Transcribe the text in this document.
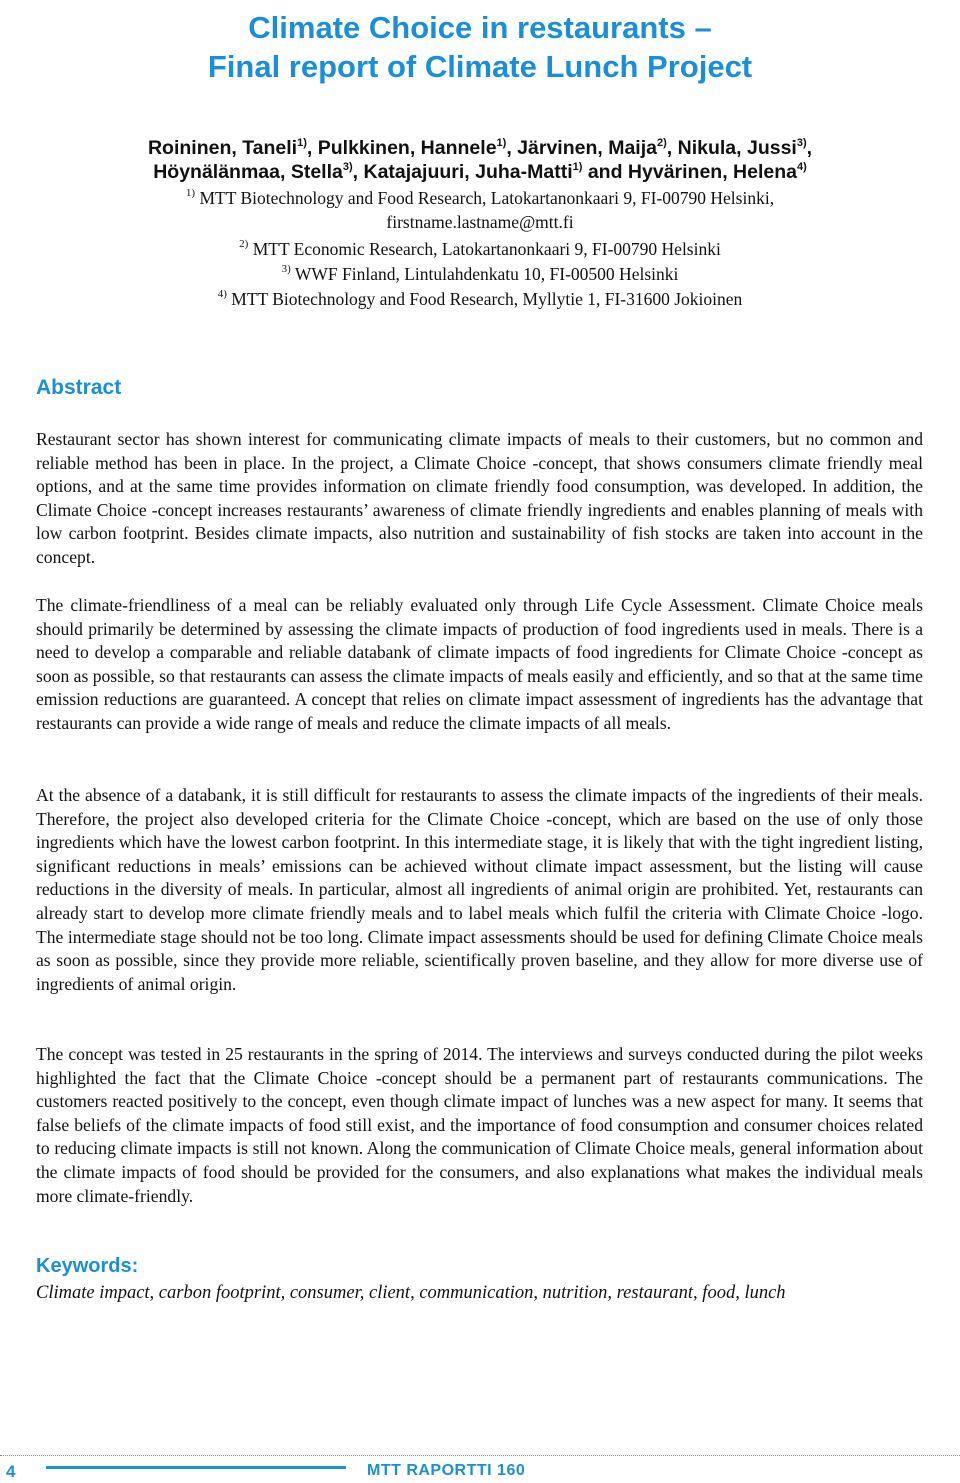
Climate Choice in restaurants –
Final report of Climate Lunch Project

Roininen, Taneli$^{1)}$, Pulkkinen, Hannele$^{1)}$, Järvinen, Maija$^{2)}$, Nikula, Jussi$^{3)}$,
Höynälänmaa, Stella$^{3)}$, Katajajuuri, Juha-Matti$^{1)}$ and Hyvärinen, Helena$^{4)}$

$^{1)}$ MTT Biotechnology and Food Research, Latokartanonkaari 9, FI-00790 Helsinki,
firstname.lastname@mtt.fi

$^{2)}$ MTT Economic Research, Latokartanonkaari 9, FI-00790 Helsinki

$^{3)}$ WWF Finland, Lintulahdenkatu 10, FI-00500 Helsinki

$^{4)}$ MTT Biotechnology and Food Research, Myllytie 1, FI-31600 Jokioinen

Abstract

Restaurant sector has shown interest for communicating climate impacts of meals to their customers, but no common and reliable method has been in place. In the project, a Climate Choice -concept, that shows consumers climate friendly meal options, and at the same time provides information on climate friendly food consumption, was developed. In addition, the Climate Choice -concept increases restaurants’ awareness of climate friendly ingredients and enables planning of meals with low carbon footprint. Besides climate impacts, also nutrition and sustainability of fish stocks are taken into account in the concept.

The climate-friendliness of a meal can be reliably evaluated only through Life Cycle Assessment. Climate Choice meals should primarily be determined by assessing the climate impacts of production of food ingredients used in meals. There is a need to develop a comparable and reliable databank of climate impacts of food ingredients for Climate Choice -concept as soon as possible, so that restaurants can assess the climate impacts of meals easily and efficiently, and so that at the same time emission reductions are guaranteed. A concept that relies on climate impact assessment of ingredients has the advantage that restaurants can provide a wide range of meals and reduce the climate impacts of all meals.

At the absence of a databank, it is still difficult for restaurants to assess the climate impacts of the ingredients of their meals. Therefore, the project also developed criteria for the Climate Choice -concept, which are based on the use of only those ingredients which have the lowest carbon footprint. In this intermediate stage, it is likely that with the tight ingredient listing, significant reductions in meals’ emissions can be achieved without climate impact assessment, but the listing will cause reductions in the diversity of meals. In particular, almost all ingredients of animal origin are prohibited. Yet, restaurants can already start to develop more climate friendly meals and to label meals which fulfil the criteria with Climate Choice -logo. The intermediate stage should not be too long. Climate impact assessments should be used for defining Climate Choice meals as soon as possible, since they provide more reliable, scientifically proven baseline, and they allow for more diverse use of ingredients of animal origin.

The concept was tested in 25 restaurants in the spring of 2014. The interviews and surveys conducted during the pilot weeks highlighted the fact that the Climate Choice -concept should be a permanent part of restaurants communications. The customers reacted positively to the concept, even though climate impact of lunches was a new aspect for many. It seems that false beliefs of the climate impacts of food still exist, and the importance of food consumption and consumer choices related to reducing climate impacts is still not known. Along the communication of Climate Choice meals, general information about the climate impacts of food should be provided for the consumers, and also explanations what makes the individual meals more climate-friendly.

Keywords:

Climate impact, carbon footprint, consumer, client, communication, nutrition, restaurant, food, lunch

4	MTT RAPORTTI 160
